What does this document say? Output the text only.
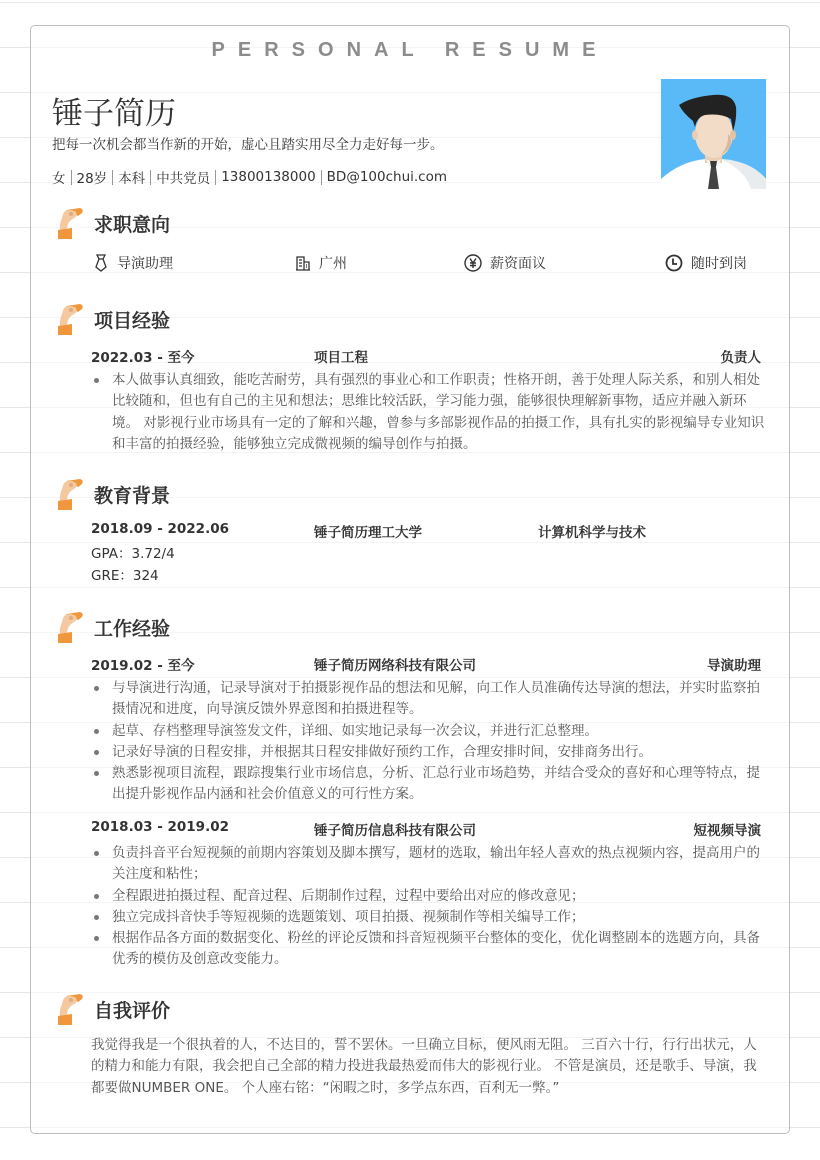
PERSONAL RESUME
锤子简历
把每一次机会都当作新的开始，虚心且踏实用尽全力走好每一步。
女 28岁 本科 中共党员 13800138000 BD@100chui.com
求职意向
导演助理	广州	薪资面议	随时到岗
项目经验
2022.03 - 至今	项目工程	负责人
本人做事认真细致，能吃苦耐劳，具有强烈的事业心和工作职责；性格开朗，善于处理人际关系，和别人相处比较随和，但也有自己的主见和想法；思维比较活跃，学习能力强，能够很快理解新事物，适应并融入新环境。 对影视行业市场具有一定的了解和兴趣，曾参与多部影视作品的拍摄工作，具有扎实的影视编导专业知识和丰富的拍摄经验，能够独立完成微视频的编导创作与拍摄。
教育背景
2018.09 - 2022.06	锤子简历理工大学	计算机科学与技术
GPA：3.72/4
GRE：324
工作经验
2019.02 - 至今	锤子简历网络科技有限公司	导演助理
与导演进行沟通，记录导演对于拍摄影视作品的想法和见解，向工作人员准确传达导演的想法，并实时监察拍摄情况和进度，向导演反馈外界意图和拍摄进程等。
起草、存档整理导演签发文件，详细、如实地记录每一次会议，并进行汇总整理。
记录好导演的日程安排，并根据其日程安排做好预约工作，合理安排时间，安排商务出行。
熟悉影视项目流程，跟踪搜集行业市场信息，分析、汇总行业市场趋势，并结合受众的喜好和心理等特点，提出提升影视作品内涵和社会价值意义的可行性方案。
2018.03 - 2019.02	锤子简历信息科技有限公司	短视频导演
负责抖音平台短视频的前期内容策划及脚本撰写，题材的选取，输出年轻人喜欢的热点视频内容，提高用户的关注度和粘性；
全程跟进拍摄过程、配音过程、后期制作过程，过程中要给出对应的修改意见；
独立完成抖音快手等短视频的选题策划、项目拍摄、视频制作等相关编导工作；
根据作品各方面的数据变化、粉丝的评论反馈和抖音短视频平台整体的变化，优化调整剧本的选题方向，具备优秀的模仿及创意改变能力。
自我评价
我觉得我是一个很执着的人，不达目的，誓不罢休。一旦确立目标，便风雨无阻。 三百六十行，行行出状元，人的精力和能力有限，我会把自己全部的精力投进我最热爱而伟大的影视行业。 不管是演员，还是歌手、导演，我都要做NUMBER ONE。 个人座右铭：“闲暇之时，多学点东西，百利无一弊。”
